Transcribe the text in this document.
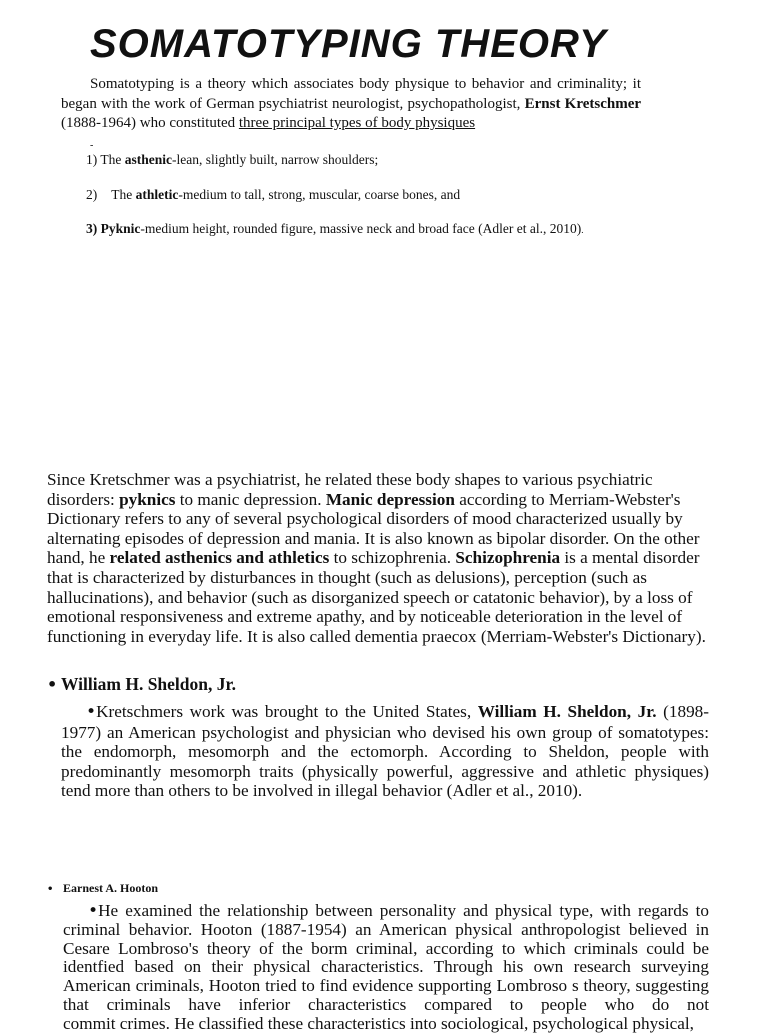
SOMATOTYPING THEORY
Somatotyping is a theory which associates body physique to behavior and criminality; it began with the work of German psychiatrist neurologist, psychopathologist, Ernst Kretschmer (1888-1964) who constituted three principal types of body physiques
-
1) The asthenic-lean, slightly built, narrow shoulders;
2) The athletic-medium to tall, strong, muscular, coarse bones, and
3) Pyknic-medium height, rounded figure, massive neck and broad face (Adler et al., 2010).
Since Kretschmer was a psychiatrist, he related these body shapes to various psychiatric disorders: pyknics to manic depression. Manic depression according to Merriam-Webster's Dictionary refers to any of several psychological disorders of mood characterized usually by alternating episodes of depression and mania. It is also known as bipolar disorder. On the other hand, he related asthenics and athletics to schizophrenia. Schizophrenia is a mental disorder that is characterized by disturbances in thought (such as delusions), perception (such as hallucinations), and behavior (such as disorganized speech or catatonic behavior), by a loss of emotional responsiveness and extreme apathy, and by noticeable deterioration in the level of functioning in everyday life. It is also called dementia praecox (Merriam-Webster's Dictionary).
• William H. Sheldon, Jr.
•Kretschmers work was brought to the United States, William H. Sheldon, Jr. (1898-1977) an American psychologist and physician who devised his own group of somatotypes: the endomorph, mesomorph and the ectomorph. According to Sheldon, people with predominantly mesomorph traits (physically powerful, aggressive and athletic physiques) tend more than others to be involved in illegal behavior (Adler et al., 2010).
• Earnest A. Hooton
•He examined the relationship between personality and physical type, with regards to criminal behavior. Hooton (1887-1954) an American physical anthropologist believed in Cesare Lombroso's theory of the borm criminal, according to which criminals could be identfied based on their physical characteristics. Through his own research surveying American criminals, Hooton tried to find evidence supporting Lombroso s theory, suggesting that criminals have inferior characteristics compared to people who do not commit crimes. He classified these characteristics into sociological, psychological physical,
